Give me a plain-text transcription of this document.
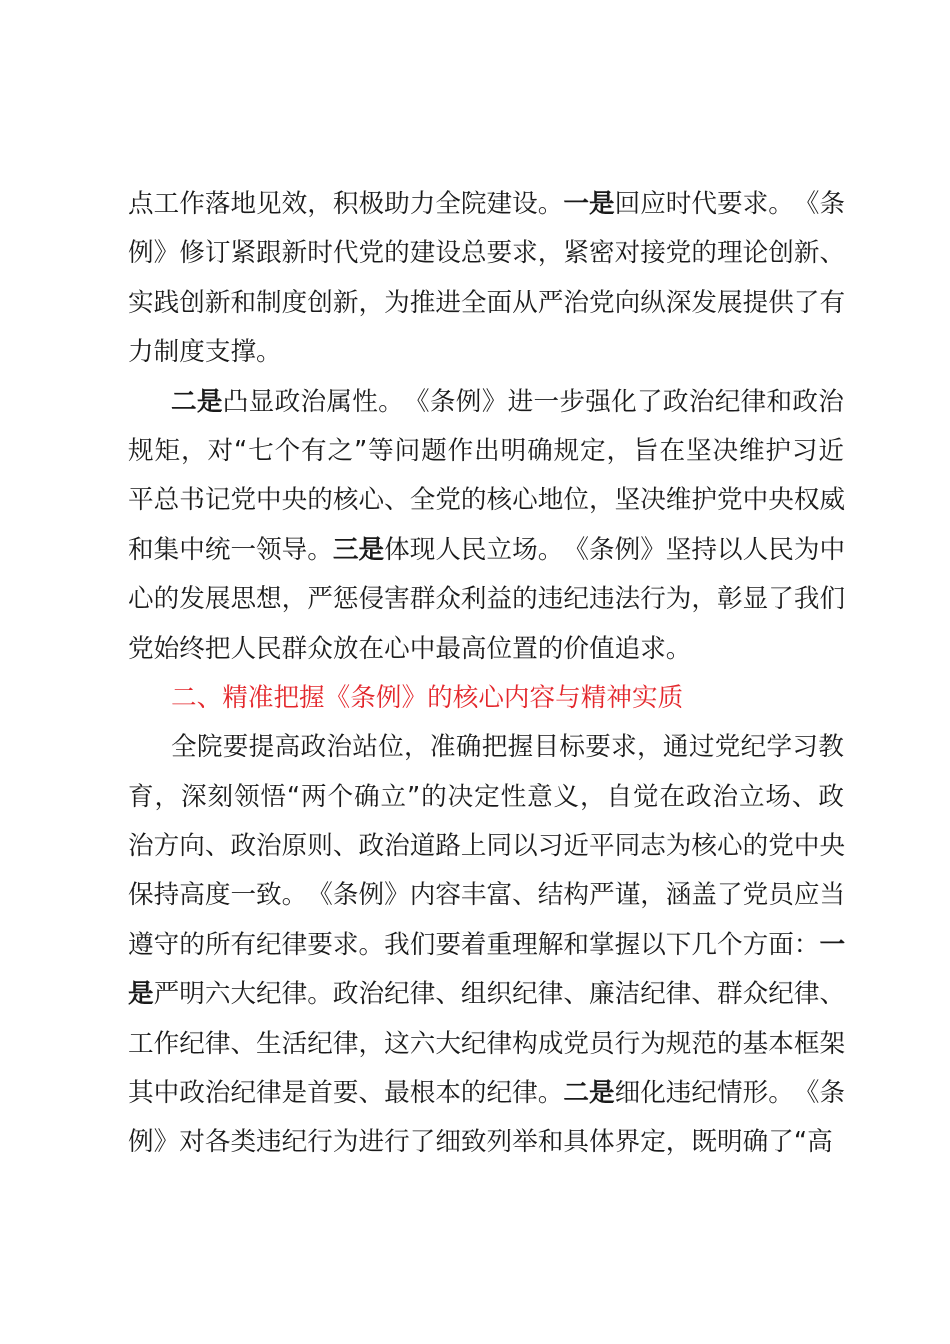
点 工 作 落 地 见 效 ， 积 极 助 力 全 院 建 设 。 一 是 回 应 时 代 要 求 。 《 条
例 》 修 订 紧 跟 新 时 代 党 的 建 设 总 要 求 ， 紧 密 对 接 党 的 理 论 创 新 、
实 践 创 新 和 制 度 创 新 ， 为 推 进 全 面 从 严 治 党 向 纵 深 发 展 提 供 了 有
力 制 度 支 撑 。
二 是 凸 显 政 治 属 性 。 《 条 例 》 进 一 步 强 化 了 政 治 纪 律 和 政 治
规 矩 ， 对 “ 七 个 有 之 ” 等 问 题 作 出 明 确 规 定 ， 旨 在 坚 决 维 护 习 近
平 总 书 记 党 中 央 的 核 心 、 全 党 的 核 心 地 位 ， 坚 决 维 护 党 中 央 权 威
和 集 中 统 一 领 导 。 三 是 体 现 人 民 立 场 。 《 条 例 》 坚 持 以 人 民 为 中
心 的 发 展 思 想 ， 严 惩 侵 害 群 众 利 益 的 违 纪 违 法 行 为 ， 彰 显 了 我 们
党 始 终 把 人 民 群 众 放 在 心 中 最 高 位 置 的 价 值 追 求 。
二 、 精 准 把 握 《 条 例 》 的 核 心 内 容 与 精 神 实 质
全 院 要 提 高 政 治 站 位 ， 准 确 把 握 目 标 要 求 ， 通 过 党 纪 学 习 教
育 ， 深 刻 领 悟 “ 两 个 确 立 ” 的 决 定 性 意 义 ， 自 觉 在 政 治 立 场 、 政
治 方 向 、 政 治 原 则 、 政 治 道 路 上 同 以 习 近 平 同 志 为 核 心 的 党 中 央
保 持 高 度 一 致 。 《 条 例 》 内 容 丰 富 、 结 构 严 谨 ， 涵 盖 了 党 员 应 当
遵 守 的 所 有 纪 律 要 求 。 我 们 要 着 重 理 解 和 掌 握 以 下 几 个 方 面 ： 一
是 严 明 六 大 纪 律 。 政 治 纪 律 、 组 织 纪 律 、 廉 洁 纪 律 、 群 众 纪 律 、
工 作 纪 律 、 生 活 纪 律 ， 这 六 大 纪 律 构 成 党 员 行 为 规 范 的 基 本 框 架
其 中 政 治 纪 律 是 首 要 、 最 根 本 的 纪 律 。 二 是 细 化 违 纪 情 形 。 《 条
例 》 对 各 类 违 纪 行 为 进 行 了 细 致 列 举 和 具 体 界 定 ， 既 明 确 了 “ 高
